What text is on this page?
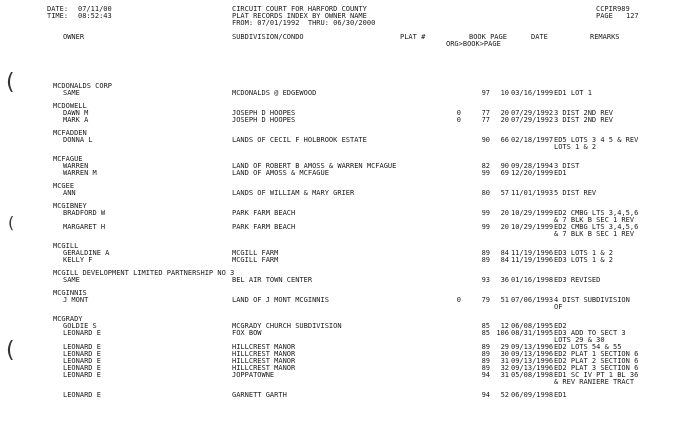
(
(
(
DATE: 07/11/00
TIME: 08:52:43
CIRCUIT COURT FOR HARFORD COUNTY
PLAT RECORDS INDEX BY OWNER NAME
FROM: 07/01/1992  THRU: 06/30/2000
CCPIR989
PAGE 127
OWNER	SUBDIVISION/CONDO	PLAT #	BOOK PAGE
ORG>BOOK>PAGE
DATE	REMARKS
MCDONALDS CORP
SAME	MCDONALDS @ EDGEWOOD	97	10 03/16/1999 ED1 LOT 1
MCDOWELL
DAWN M	JOSEPH D HOOPES	0	77	20 07/29/1992 3 DIST 2ND REV
MARK A	JOSEPH D HOOPES	0	77	20 07/29/1992 3 DIST 2ND REV
MCFADDEN
DONNA L	LANDS OF CECIL F HOLBROOK ESTATE	90	66 02/18/1997 ED5 LOTS 3 4 5 & REV
LOTS 1 & 2
MCFAGUE
WARREN	LAND OF ROBERT B AMOSS & WARREN MCFAGUE	82	90 09/28/1994 3 DIST
WARREN M	LAND OF AMOSS & MCFAGUE	99	69 12/20/1999 ED1
MCGEE
ANN	LANDS OF WILLIAM & MARY GRIER	80	57 11/01/1993 5 DIST REV
MCGIBNEY
BRADFORD W	PARK FARM BEACH	99	20 10/29/1999 ED2 CMBG LTS 3,4,5,6
& 7 BLK B SEC 1 REV
MARGARET H	PARK FARM BEACH	99	20 10/29/1999 ED2 CMBG LTS 3,4,5,6
& 7 BLK B SEC 1 REV
MCGILL
GERALDINE A	MCGILL FARM	89	84 11/19/1996 ED3 LOTS 1 & 2
KELLY F	MCGILL FARM	89	84 11/19/1996 ED3 LOTS 1 & 2
MCGILL DEVELOPMENT LIMITED PARTNERSHIP NO 3
SAME	BEL AIR TOWN CENTER	93	36 01/16/1998 ED3 REVISED
MCGINNIS
J MONT	LAND OF J MONT MCGINNIS	0	79	51 07/06/1993 4 DIST SUBDIVISION
OF
MCGRADY
GOLDIE S	MCGRADY CHURCH SUBDIVISION	85	12 06/08/1995 ED2
LEONARD E	FOX BOW	85 106 08/31/1995 ED3 ADD TO SECT 3
LOTS 29 & 30
LEONARD E	HILLCREST MANOR	89	29 09/13/1996 ED2 LOTS 54 & 55
LEONARD E	HILLCREST MANOR	89	30 09/13/1996 ED2 PLAT 1 SECTION 6
LEONARD E	HILLCREST MANOR	89	31 09/13/1996 ED2 PLAT 2 SECTION 6
LEONARD E	HILLCREST MANOR	89	32 09/13/1996 ED2 PLAT 3 SECTION 6
LEONARD E	JOPPATOWNE	94	31 05/08/1998 ED1 SC IV PT 1 BL 36
& REV RANIERE TRACT
LEONARD E	GARNETT GARTH	94	52 06/09/1998 ED1
